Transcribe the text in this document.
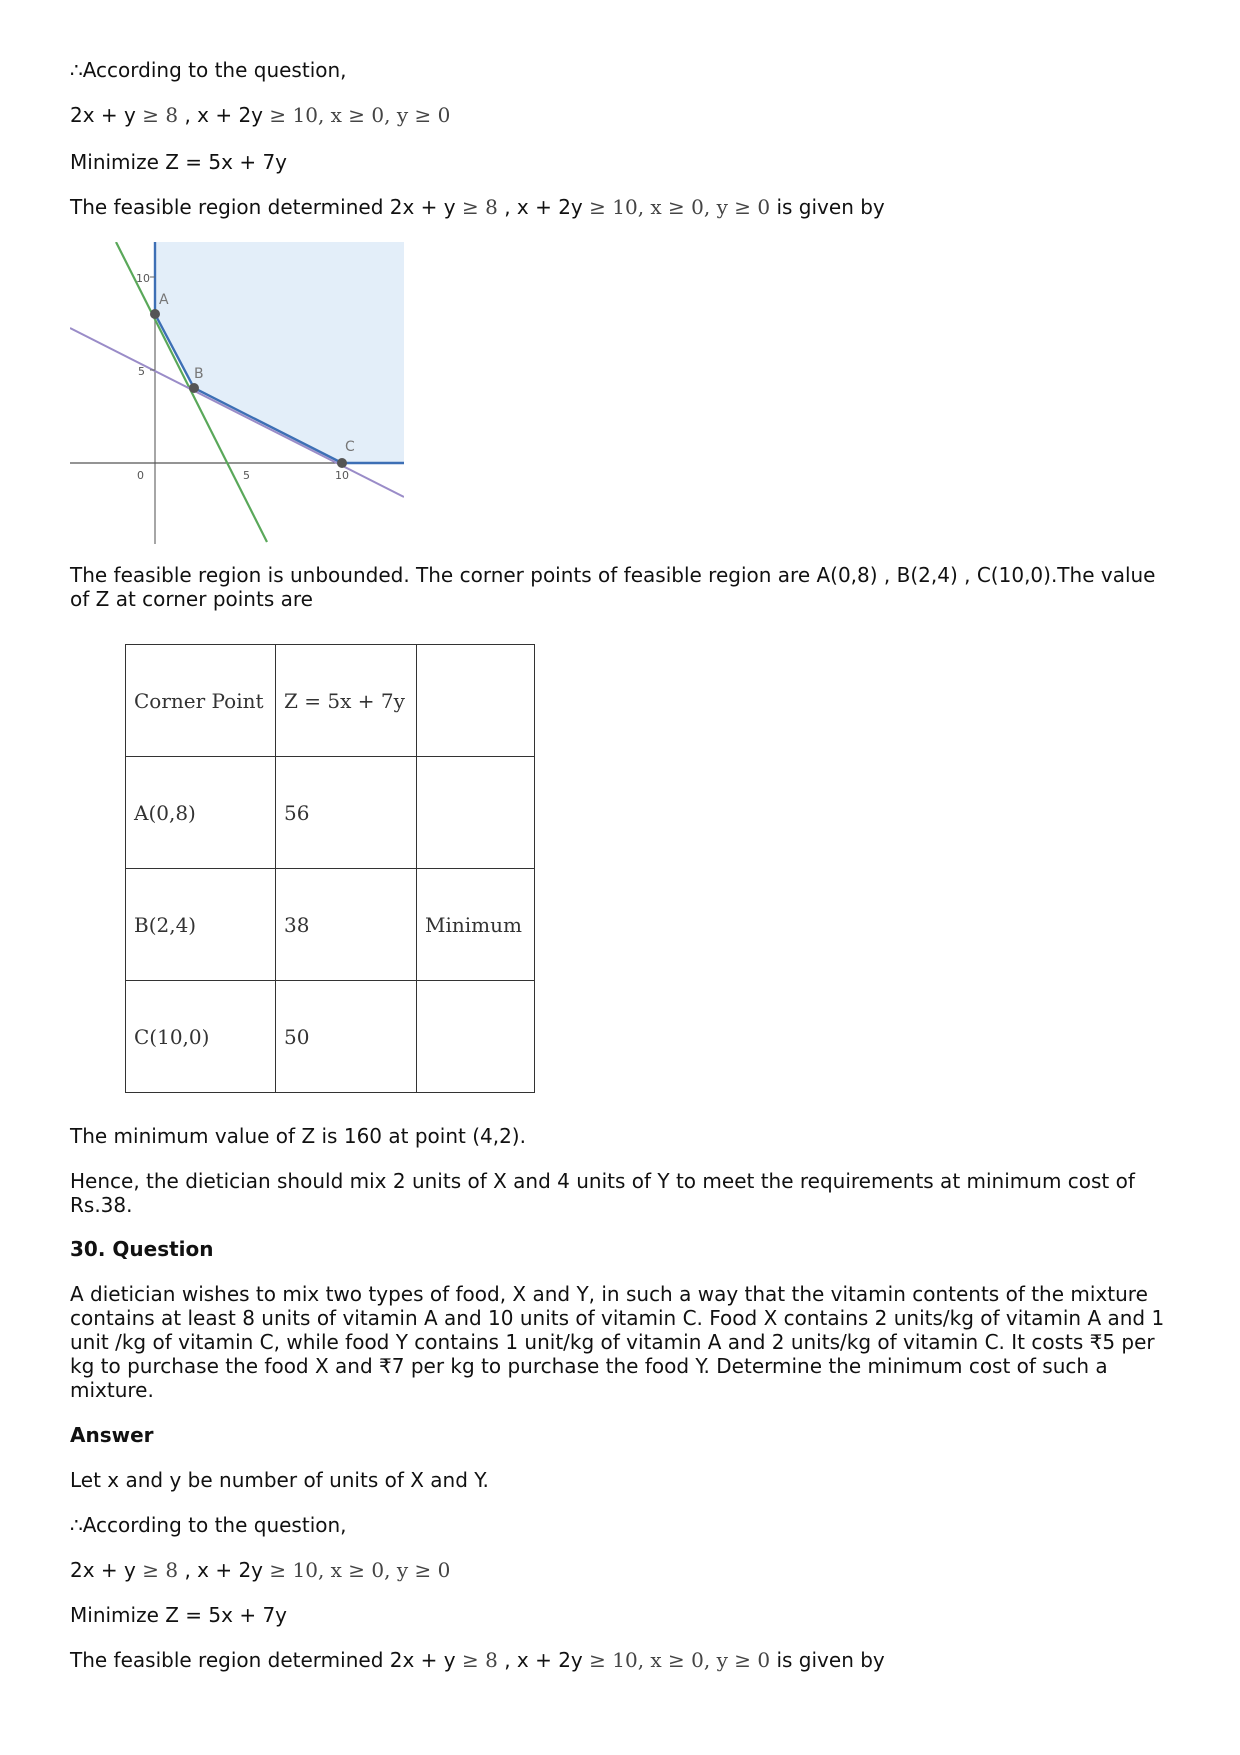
∴According to the question,
2x + y ≥ 8 , x + 2y ≥ 10, x ≥ 0, y ≥ 0
Minimize Z = 5x + 7y
The feasible region determined 2x + y ≥ 8 , x + 2y ≥ 10, x ≥ 0, y ≥ 0 is given by
10
5
0	5	10
A
B
C
The feasible region is unbounded. The corner points of feasible region are A(0,8) , B(2,4) , C(10,0).The value of Z at corner points are
Corner Point	Z = 5x + 7y	
A(0,8)	56	
B(2,4)	38	Minimum
C(10,0)	50	
The minimum value of Z is 160 at point (4,2).
Hence, the dietician should mix 2 units of X and 4 units of Y to meet the requirements at minimum cost of Rs.38.
30. Question
A dietician wishes to mix two types of food, X and Y, in such a way that the vitamin contents of the mixture contains at least 8 units of vitamin A and 10 units of vitamin C. Food X contains 2 units/kg of vitamin A and 1 unit /kg of vitamin C, while food Y contains 1 unit/kg of vitamin A and 2 units/kg of vitamin C. It costs ₹5 per kg to purchase the food X and ₹7 per kg to purchase the food Y. Determine the minimum cost of such a mixture.
Answer
Let x and y be number of units of X and Y.
∴According to the question,
2x + y ≥ 8 , x + 2y ≥ 10, x ≥ 0, y ≥ 0
Minimize Z = 5x + 7y
The feasible region determined 2x + y ≥ 8 , x + 2y ≥ 10, x ≥ 0, y ≥ 0 is given by
